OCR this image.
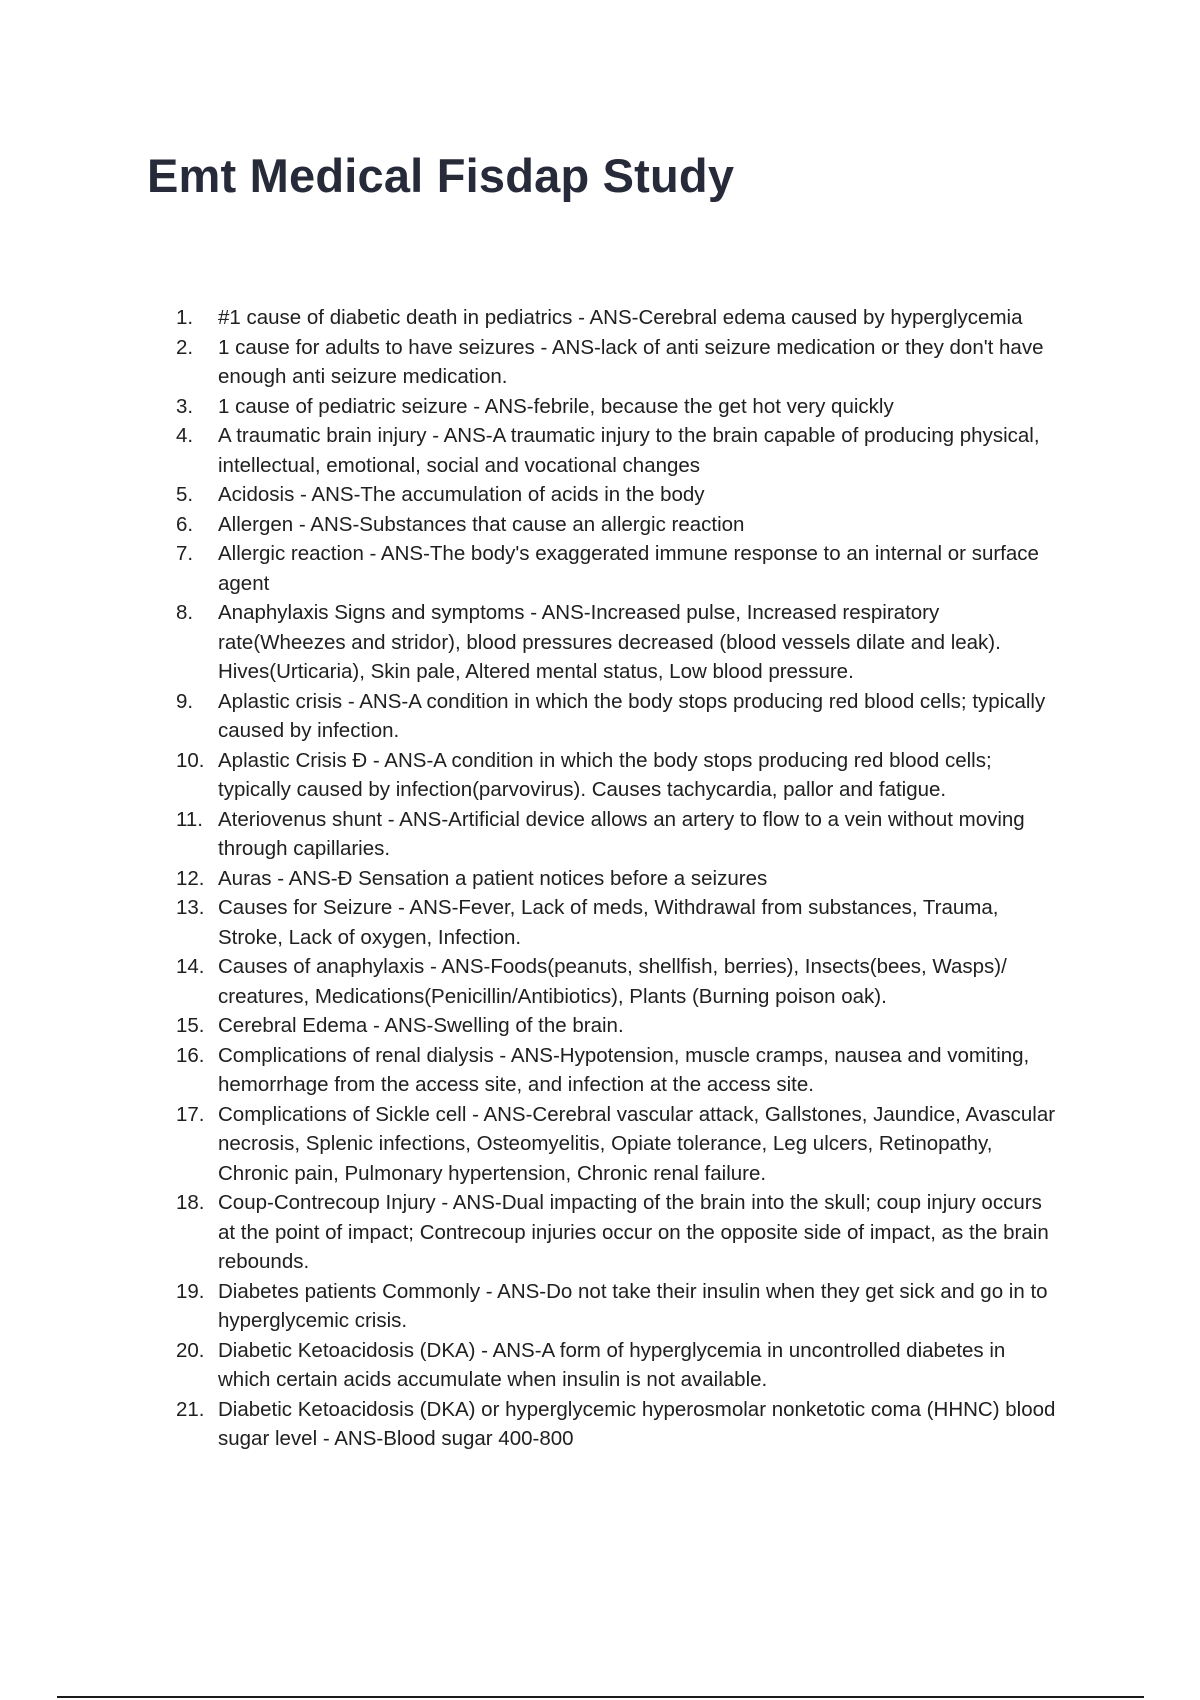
Emt Medical Fisdap Study
1.	#1 cause of diabetic death in pediatrics - ANS-Cerebral edema caused by hyperglycemia
2.	1 cause for adults to have seizures - ANS-lack of anti seizure medication or they don't have enough anti seizure medication.
3.	1 cause of pediatric seizure - ANS-febrile, because the get hot very quickly
4.	A traumatic brain injury - ANS-A traumatic injury to the brain capable of producing physical, intellectual, emotional, social and vocational changes
5.	Acidosis - ANS-The accumulation of acids in the body
6.	Allergen - ANS-Substances that cause an allergic reaction
7.	Allergic reaction - ANS-The body's exaggerated immune response to an internal or surface agent
8.	Anaphylaxis Signs and symptoms - ANS-Increased pulse, Increased respiratory rate(Wheezes and stridor), blood pressures decreased (blood vessels dilate and leak). Hives(Urticaria), Skin pale, Altered mental status, Low blood pressure.
9.	Aplastic crisis - ANS-A condition in which the body stops producing red blood cells; typically caused by infection.
10. Aplastic Crisis Đ - ANS-A condition in which the body stops producing red blood cells; typically caused by infection(parvovirus). Causes tachycardia, pallor and fatigue.
11. Ateriovenus shunt - ANS-Artificial device allows an artery to flow to a vein without moving through capillaries.
12. Auras - ANS-Đ Sensation a patient notices before a seizures
13. Causes for Seizure - ANS-Fever, Lack of meds, Withdrawal from substances, Trauma, Stroke, Lack of oxygen, Infection.
14. Causes of anaphylaxis - ANS-Foods(peanuts, shellfish, berries), Insects(bees, Wasps)/ creatures, Medications(Penicillin/Antibiotics), Plants (Burning poison oak).
15. Cerebral Edema - ANS-Swelling of the brain.
16. Complications of renal dialysis - ANS-Hypotension, muscle cramps, nausea and vomiting, hemorrhage from the access site, and infection at the access site.
17. Complications of Sickle cell - ANS-Cerebral vascular attack, Gallstones, Jaundice, Avascular necrosis, Splenic infections, Osteomyelitis, Opiate tolerance, Leg ulcers, Retinopathy, Chronic pain, Pulmonary hypertension, Chronic renal failure.
18. Coup-Contrecoup Injury - ANS-Dual impacting of the brain into the skull; coup injury occurs at the point of impact; Contrecoup injuries occur on the opposite side of impact, as the brain rebounds.
19. Diabetes patients Commonly - ANS-Do not take their insulin when they get sick and go in to hyperglycemic crisis.
20. Diabetic Ketoacidosis (DKA) - ANS-A form of hyperglycemia in uncontrolled diabetes in which certain acids accumulate when insulin is not available.
21. Diabetic Ketoacidosis (DKA) or hyperglycemic hyperosmolar nonketotic coma (HHNC) blood sugar level - ANS-Blood sugar 400-800
